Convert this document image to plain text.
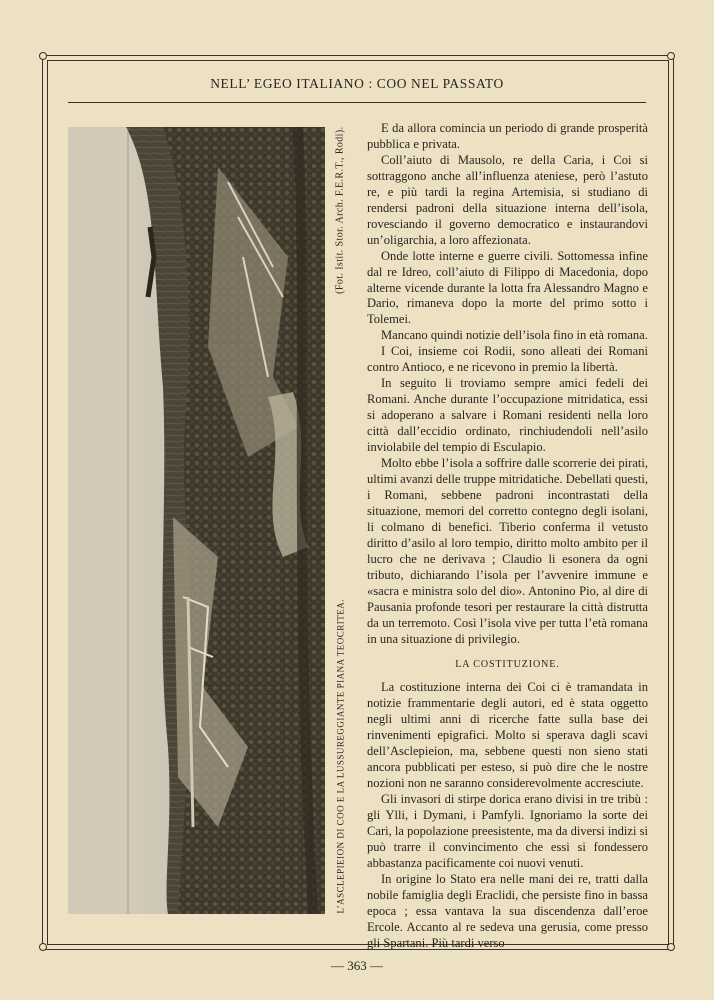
NELL’ EGEO ITALIANO : COO NEL PASSATO
L’ASCLEPIEION DI COO E LA LUSSUREGGIANTE PIANA TEOCRITEA.
(Fot. Istit. Stor. Arch. F.E.R.T., Rodi).	E da allora comincia un periodo di grande prosperità pubblica e privata.

Coll’aiuto di Mausolo, re della Caria, i Coi si sottraggono anche all’influenza ateniese, però l’astuto re, e più tardi la regina Artemisia, si studiano di rendersi padroni della situazione interna dell’isola, rovesciando il governo democratico e instaurandovi un’oligarchia, a loro affezionata.

Onde lotte interne e guerre civili. Sottomessa infine dal re Idreo, coll’aiuto di Filippo di Macedonia, dopo alterne vicende durante la lotta fra Alessandro Magno e Dario, rimaneva dopo la morte del primo sotto i Tolemei.

Mancano quindi notizie dell’isola fino in età romana.

I Coi, insieme coi Rodii, sono alleati dei Romani contro Antioco, e ne ricevono in premio la libertà.

In seguito li troviamo sempre amici fedeli dei Romani. Anche durante l’occupazione mitridatica, essi si adoperano a salvare i Romani residenti nella loro città dall’eccidio ordinato, rinchiudendoli nell’asilo inviolabile del tempio di Esculapio.

Molto ebbe l’isola a soffrire dalle scorrerie dei pirati, ultimi avanzi delle truppe mitridatiche. Debellati questi, i Romani, sebbene padroni incontrastati della situazione, memori del corretto contegno degli isolani, li colmano di benefici. Tiberio conferma il vetusto diritto d’asilo al loro tempio, diritto molto ambito per il lucro che ne derivava ; Claudio li esonera da ogni tributo, dichiarando l’isola per l’avvenire immune e «sacra e ministra solo del dio». Antonino Pio, al dire di Pausania profonde tesori per restaurare la città distrutta da un terremoto. Così l’isola vive per tutta l’età romana in una situazione di privilegio.

LA COSTITUZIONE.

La costituzione interna dei Coi ci è tramandata in notizie frammentarie degli autori, ed è stata oggetto negli ultimi anni di ricerche fatte sulla base dei rinvenimenti epigrafici. Molto si sperava dagli scavi dell’Asclepieion, ma, sebbene questi non sieno stati ancora pubblicati per esteso, si può dire che le nostre nozioni non ne saranno considerevolmente accresciute.

Gli invasori di stirpe dorica erano divisi in tre tribù : gli Ylli, i Dymani, i Pamfyli. Ignoriamo la sorte dei Cari, la popolazione preesistente, ma da diversi indizi si può trarre il convincimento che essi si fondessero abbastanza pacificamente coi nuovi venuti.

In origine lo Stato era nelle mani dei re, tratti dalla nobile famiglia degli Eraclidi, che persiste fino in bassa epoca ; essa vantava la sua discendenza dall’eroe Ercole. Accanto al re sedeva una gerusia, come presso gli Spartani. Più tardi verso

— 363 —
